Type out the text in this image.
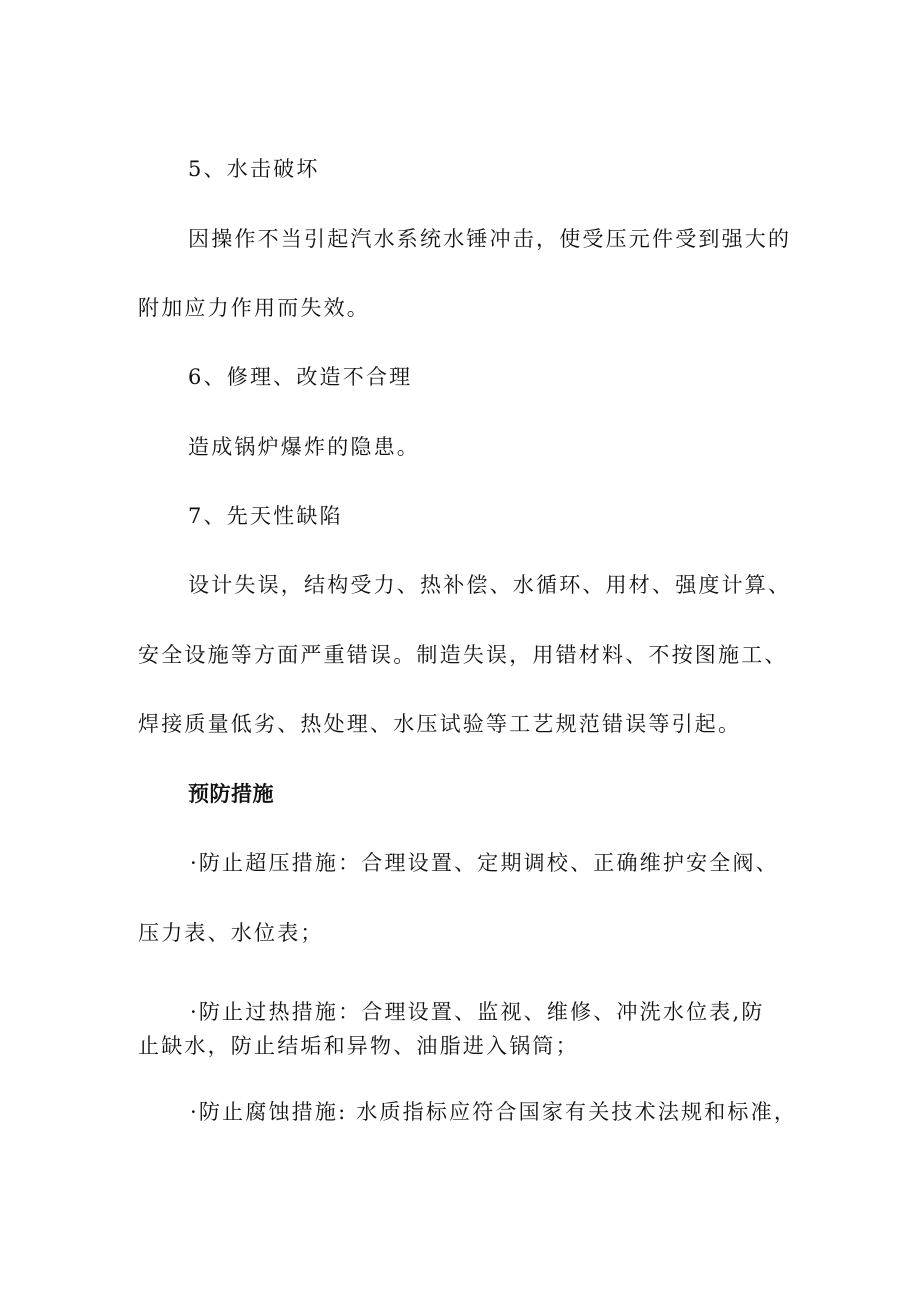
5、水击破坏
因操作不当引起汽水系统水锤冲击，使受压元件受到强大的
附加应力作用而失效。
6、修理、改造不合理
造成锅炉爆炸的隐患。
7、先天性缺陷
设计失误，结构受力、热补偿、水循环、用材、强度计算、
安全设施等方面严重错误。制造失误，用错材料、不按图施工、
焊接质量低劣、热处理、水压试验等工艺规范错误等引起。
预防措施
·防止超压措施：合理设置、定期调校、正确维护安全阀、
压力表、水位表；
·防止过热措施：合理设置、监视、维修、冲洗水位表,防
止缺水，防止结垢和异物、油脂进入锅筒；
·防止腐蚀措施: 水质指标应符合国家有关技术法规和标准，
